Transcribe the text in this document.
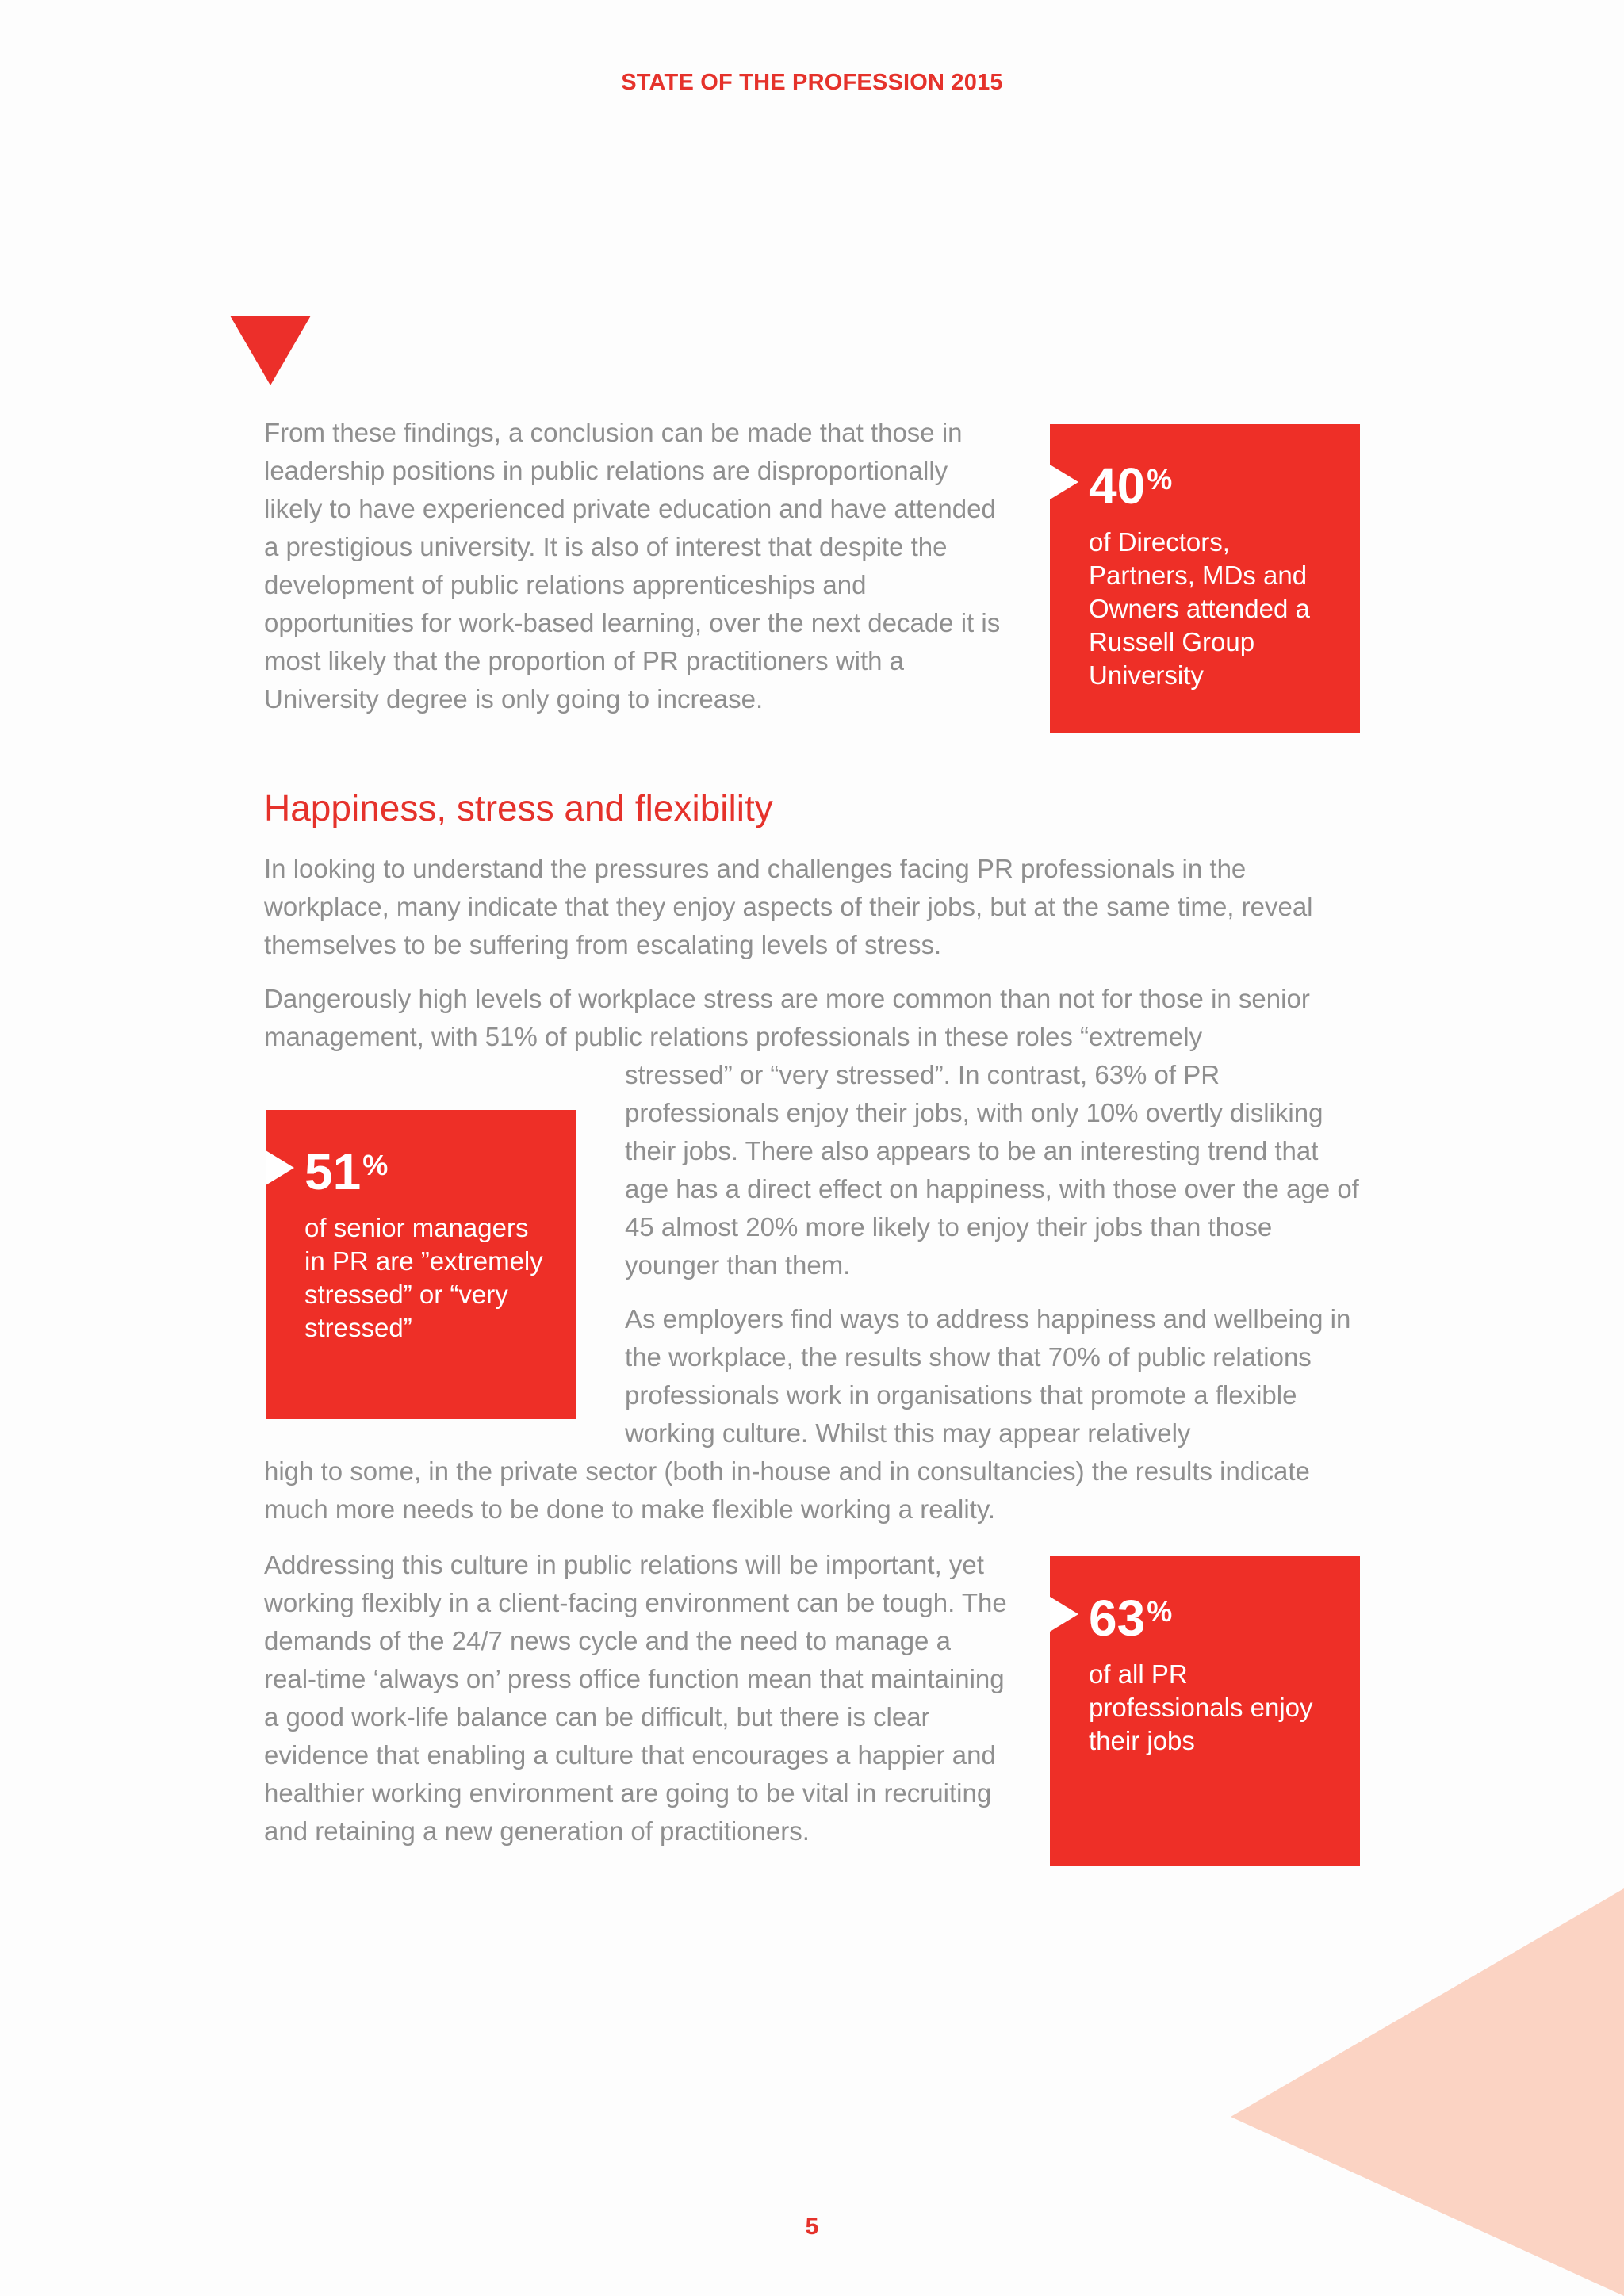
STATE OF THE PROFESSION 2015

From these findings, a conclusion can be made that those in leadership positions in public relations are disproportionally likely to have experienced private education and have attended a prestigious university. It is also of interest that despite the development of public relations apprenticeships and opportunities for work-based learning, over the next decade it is most likely that the proportion of PR practitioners with a University degree is only going to increase.

40%

of Directors, Partners, MDs and Owners attended a Russell Group University

Happiness, stress and flexibility

In looking to understand the pressures and challenges facing PR professionals in the workplace, many indicate that they enjoy aspects of their jobs, but at the same time, reveal themselves to be suffering from escalating levels of stress.

Dangerously high levels of workplace stress are more common than not for those in senior management, with 51% of public relations professionals in these roles “extremely

stressed” or “very stressed”. In contrast, 63% of PR professionals enjoy their jobs, with only 10% overtly disliking their jobs. There also appears to be an interesting trend that age has a direct effect on happiness, with those over the age of 45 almost 20% more likely to enjoy their jobs than those younger than them.

51%

of senior managers in PR are ”extremely stressed” or “very stressed”	As employers find ways to address happiness and wellbeing in the workplace, the results show that 70% of public relations professionals work in organisations that promote a flexible working culture. Whilst this may appear relatively

high to some, in the private sector (both in-house and in consultancies) the results indicate much more needs to be done to make flexible working a reality.

Addressing this culture in public relations will be important, yet working flexibly in a client-facing environment can be tough. The demands of the 24/7 news cycle and the need to manage a real-time ‘always on’ press office function mean that maintaining a good work-life balance can be difficult, but there is clear evidence that enabling a culture that encourages a happier and healthier working environment are going to be vital in recruiting and retaining a new generation of practitioners.

63%

of all PR professionals enjoy their jobs

5
